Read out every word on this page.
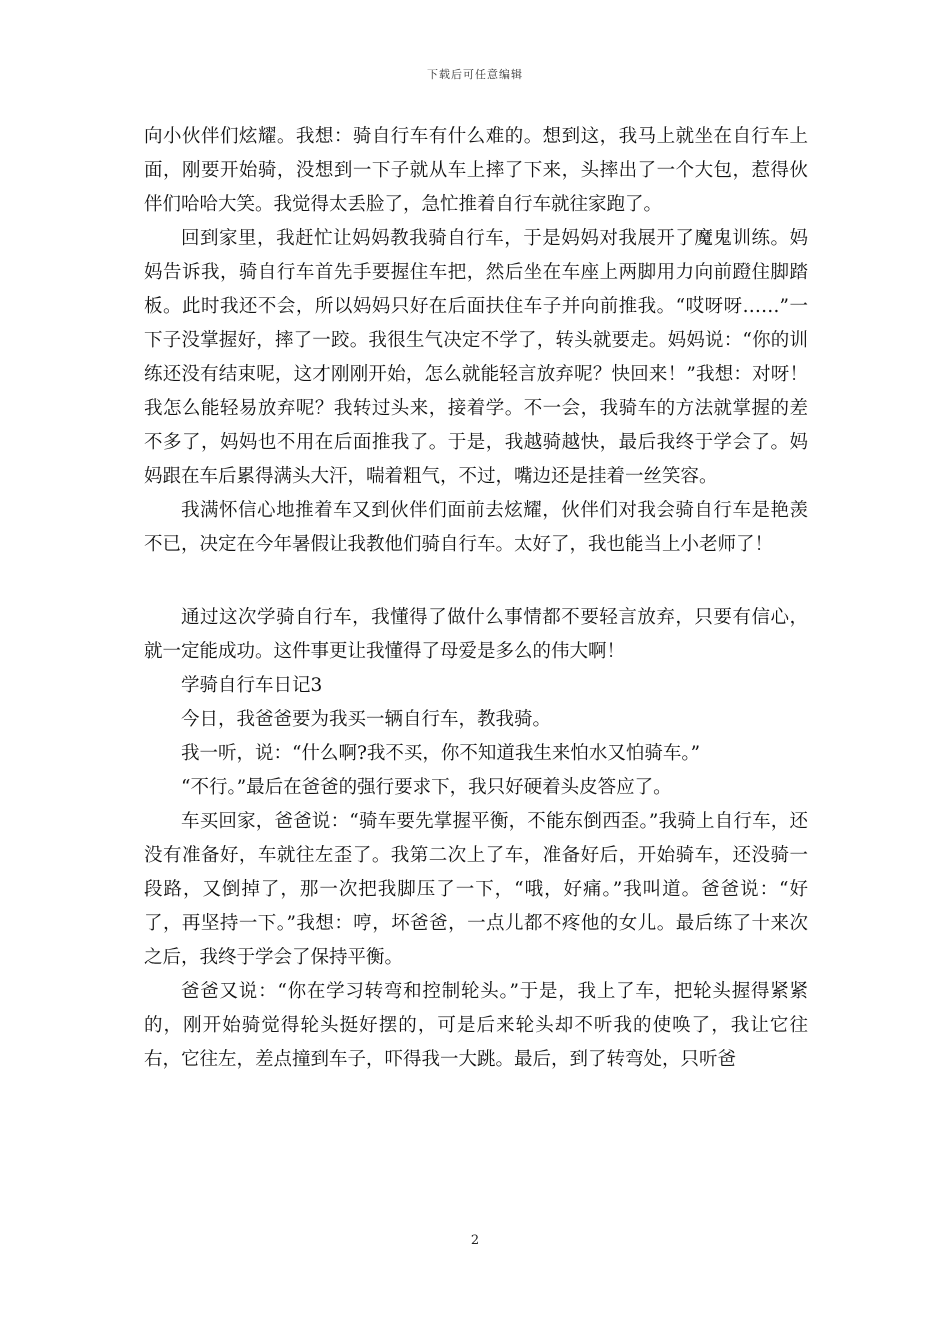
下载后可任意编辑

向小伙伴们炫耀。我想：骑自行车有什么难的。想到这，我马上就坐在自行车上面，刚要开始骑，没想到一下子就从车上摔了下来，头摔出了一个大包，惹得伙伴们哈哈大笑。我觉得太丢脸了，急忙推着自行车就往家跑了。

回到家里，我赶忙让妈妈教我骑自行车，于是妈妈对我展开了魔鬼训练。妈妈告诉我，骑自行车首先手要握住车把，然后坐在车座上两脚用力向前蹬住脚踏板。此时我还不会，所以妈妈只好在后面扶住车子并向前推我。“哎呀呀……”一下子没掌握好，摔了一跤。我很生气决定不学了，转头就要走。妈妈说：“你的训练还没有结束呢，这才刚刚开始，怎么就能轻言放弃呢？快回来！”我想：对呀！我怎么能轻易放弃呢？我转过头来，接着学。不一会，我骑车的方法就掌握的差不多了，妈妈也不用在后面推我了。于是，我越骑越快，最后我终于学会了。妈妈跟在车后累得满头大汗，喘着粗气，不过，嘴边还是挂着一丝笑容。

我满怀信心地推着车又到伙伴们面前去炫耀，伙伴们对我会骑自行车是艳羡不已，决定在今年暑假让我教他们骑自行车。太好了，我也能当上小老师了！

通过这次学骑自行车，我懂得了做什么事情都不要轻言放弃，只要有信心，就一定能成功。这件事更让我懂得了母爱是多么的伟大啊！

学骑自行车日记3

今日，我爸爸要为我买一辆自行车，教我骑。

我一听，说：“什么啊?我不买，你不知道我生来怕水又怕骑车。”

“不行。”最后在爸爸的强行要求下，我只好硬着头皮答应了。

车买回家，爸爸说：“骑车要先掌握平衡，不能东倒西歪。”我骑上自行车，还没有准备好，车就往左歪了。我第二次上了车，准备好后，开始骑车，还没骑一段路，又倒掉了，那一次把我脚压了一下，“哦，好痛。”我叫道。爸爸说：“好了，再坚持一下。”我想：哼，坏爸爸，一点儿都不疼他的女儿。最后练了十来次之后，我终于学会了保持平衡。

爸爸又说：“你在学习转弯和控制轮头。”于是，我上了车，把轮头握得紧紧的，刚开始骑觉得轮头挺好摆的，可是后来轮头却不听我的使唤了，我让它往右，它往左，差点撞到车子，吓得我一大跳。最后，到了转弯处，只听爸

2
